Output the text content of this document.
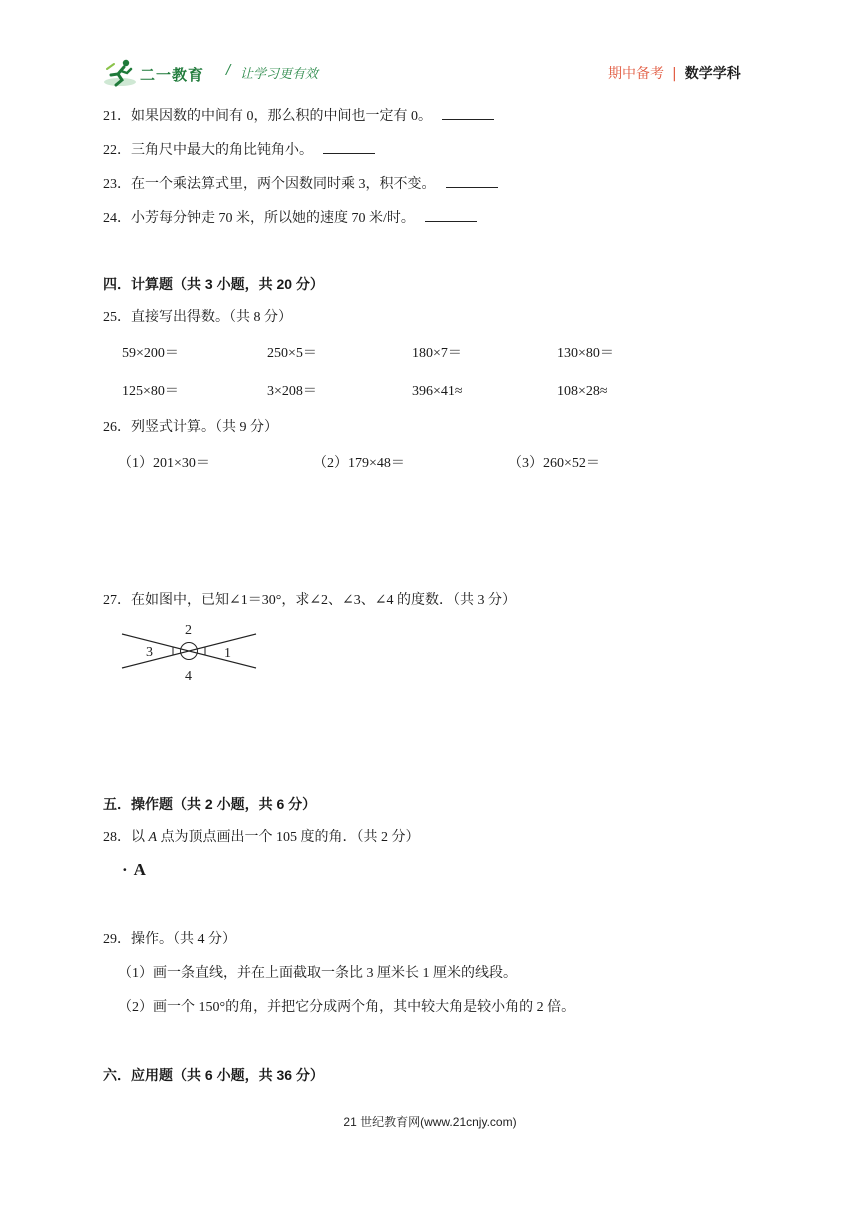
二一教育 / 让学习更有效	期中备考 | 数学学科
21．如果因数的中间有 0，那么积的中间也一定有 0。
22．三角尺中最大的角比钝角小。
23．在一个乘法算式里，两个因数同时乘 3，积不变。
24．小芳每分钟走 70 米，所以她的速度 70 米/时。
四．计算题（共 3 小题，共 20 分）
25．直接写出得数。（共 8 分）
59×200＝	250×5＝	180×7＝	130×80＝
125×80＝	3×208＝	396×41≈	108×28≈
26．列竖式计算。（共 9 分）
（1）201×30＝	（2）179×48＝	（3）260×52＝
27．在如图中，已知∠1＝30°，求∠2、∠3、∠4 的度数．（共 3 分）
2
3	1
4
五．操作题（共 2 小题，共 6 分）
28．以 A 点为顶点画出一个 105 度的角．（共 2 分）
· A
29．操作。（共 4 分）
（1）画一条直线，并在上面截取一条比 3 厘米长 1 厘米的线段。
（2）画一个 150°的角，并把它分成两个角，其中较大角是较小角的 2 倍。
六．应用题（共 6 小题，共 36 分）
21 世纪教育网(www.21cnjy.com)
